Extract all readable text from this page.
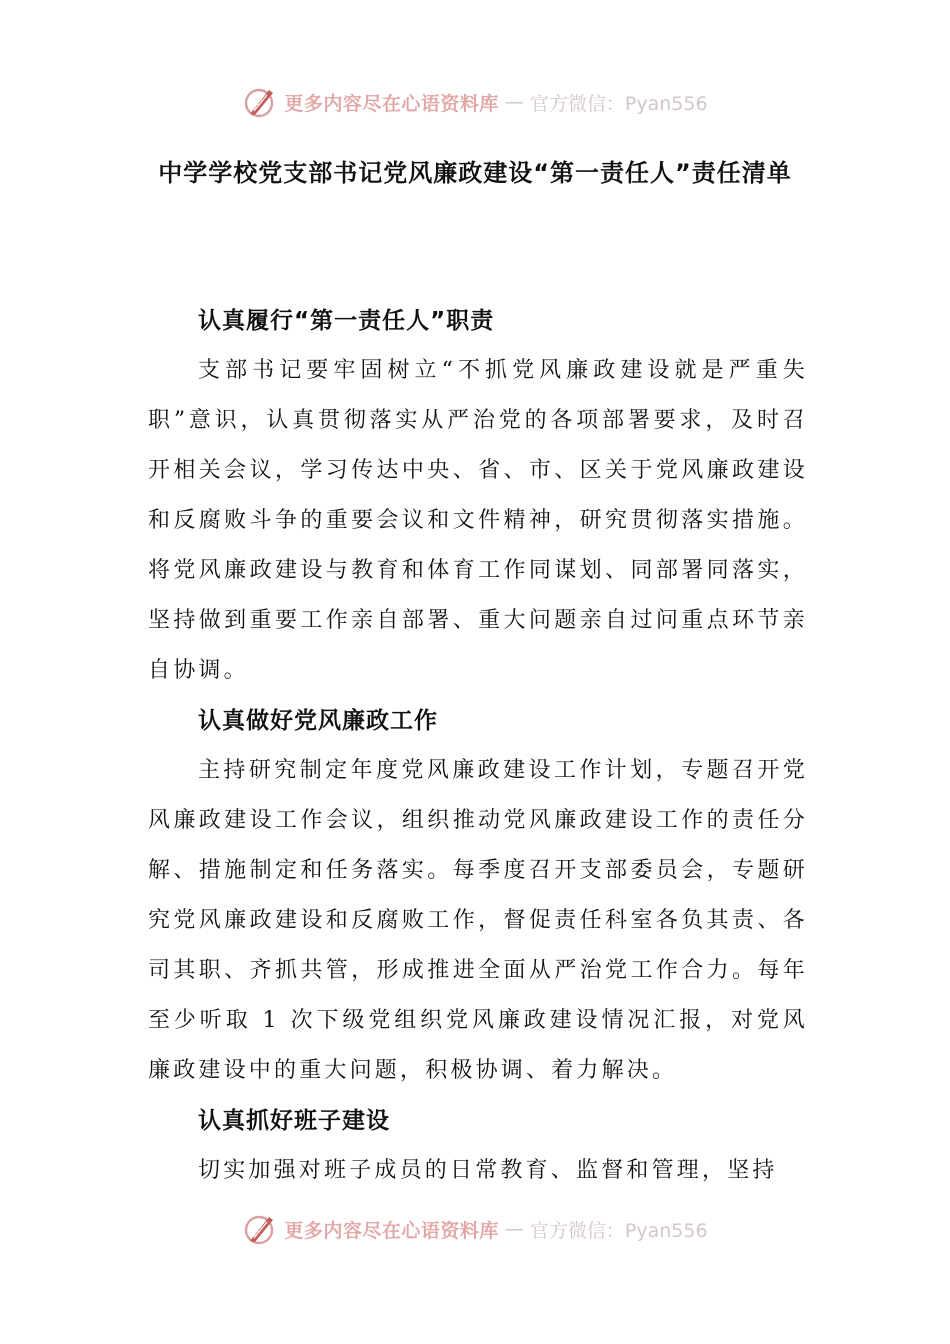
更多内容尽在心语资料库 — 官方微信：Pyan556
中学学校党支部书记党风廉政建设“第一责任人”责任清单
认真履行“第一责任人”职责

支部书记要牢固树立“不抓党风廉政建设就是严重失职”意识，认真贯彻落实从严治党的各项部署要求，及时召开相关会议，学习传达中央、省、市、区关于党风廉政建设和反腐败斗争的重要会议和文件精神，研究贯彻落实措施。将党风廉政建设与教育和体育工作同谋划、同部署同落实，坚持做到重要工作亲自部署、重大问题亲自过问重点环节亲自协调。

认真做好党风廉政工作

主持研究制定年度党风廉政建设工作计划，专题召开党风廉政建设工作会议，组织推动党风廉政建设工作的责任分解、措施制定和任务落实。每季度召开支部委员会，专题研究党风廉政建设和反腐败工作，督促责任科室各负其责、各司其职、齐抓共管，形成推进全面从严治党工作合力。每年至少听取 1 次下级党组织党风廉政建设情况汇报，对党风廉政建设中的重大问题，积极协调、着力解决。

认真抓好班子建设

切实加强对班子成员的日常教育、监督和管理，坚持

更多内容尽在心语资料库 — 官方微信：Pyan556
